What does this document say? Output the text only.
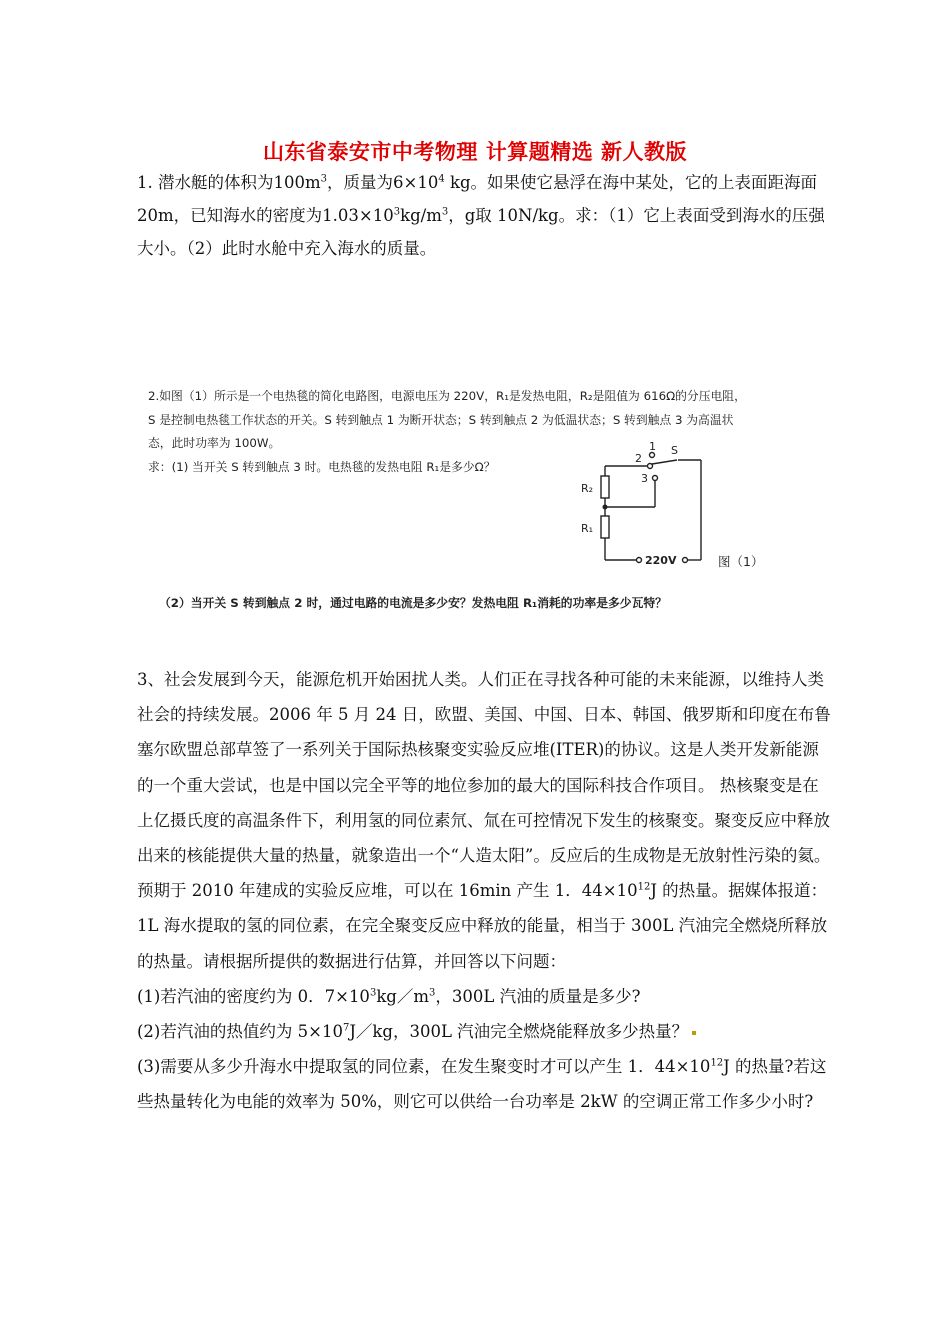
山东省泰安市中考物理 计算题精选 新人教版

1. 潜水艇的体积为$100m^3$，质量为$6\times 10^4$ kg。如果使它悬浮在海中某处，它的上表面距海面20m，已知海水的密度为$1.03\times 10^3kg/m^3$，g取 10N/kg。求：（1）它上表面受到海水的压强大小。（2）此时水舱中充入海水的质量。

2.如图（1）所示是一个电热毯的简化电路图，电源电压为 220V，R₁是发热电阻，R₂是阻值为 616Ω的分压电阻，
S 是控制电热毯工作状态的开关。S 转到触点 1 为断开状态；S 转到触点 2 为低温状态；S 转到触点 3 为高温状
态，此时功率为 100W。
求：(1) 当开关 S 转到触点 3 时。电热毯的发热电阻 R₁是多少Ω？
1
2
3
S
R₂
R₁
220V	图（1）
（2）当开关 S 转到触点 2 时，通过电路的电流是多少安？发热电阻 R₁消耗的功率是多少瓦特？

3、社会发展到今天，能源危机开始困扰人类。人们正在寻找各种可能的未来能源，以维持人类社会的持续发展。2006 年 5 月 24 日，欧盟、美国、中国、日本、韩国、俄罗斯和印度在布鲁塞尔欧盟总部草签了一系列关于国际热核聚变实验反应堆(ITER)的协议。这是人类开发新能源的一个重大尝试，也是中国以完全平等的地位参加的最大的国际科技合作项目。 热核聚变是在上亿摄氏度的高温条件下，利用氢的同位素氘、氚在可控情况下发生的核聚变。聚变反应中释放出来的核能提供大量的热量，就象造出一个“人造太阳”。反应后的生成物是无放射性污染的氦。 预期于 2010 年建成的实验反应堆，可以在 16min 产生 1．$44\times 10^{12}J$ 的热量。据媒体报道：1L 海水提取的氢的同位素，在完全聚变反应中释放的能量，相当于 300L 汽油完全燃烧所释放的热量。请根据所提供的数据进行估算，并回答以下问题：
(1)若汽油的密度约为 0．$7\times 10^3kg/m^3$，300L 汽油的质量是多少?
(2)若汽油的热值约为 $5\times 10^7J/kg$，300L 汽油完全燃烧能释放多少热量？
(3)需要从多少升海水中提取氢的同位素，在发生聚变时才可以产生 1．$44\times 10^{12}J$ 的热量?若这些热量转化为电能的效率为 50%，则它可以供给一台功率是 2kW 的空调正常工作多少小时?
